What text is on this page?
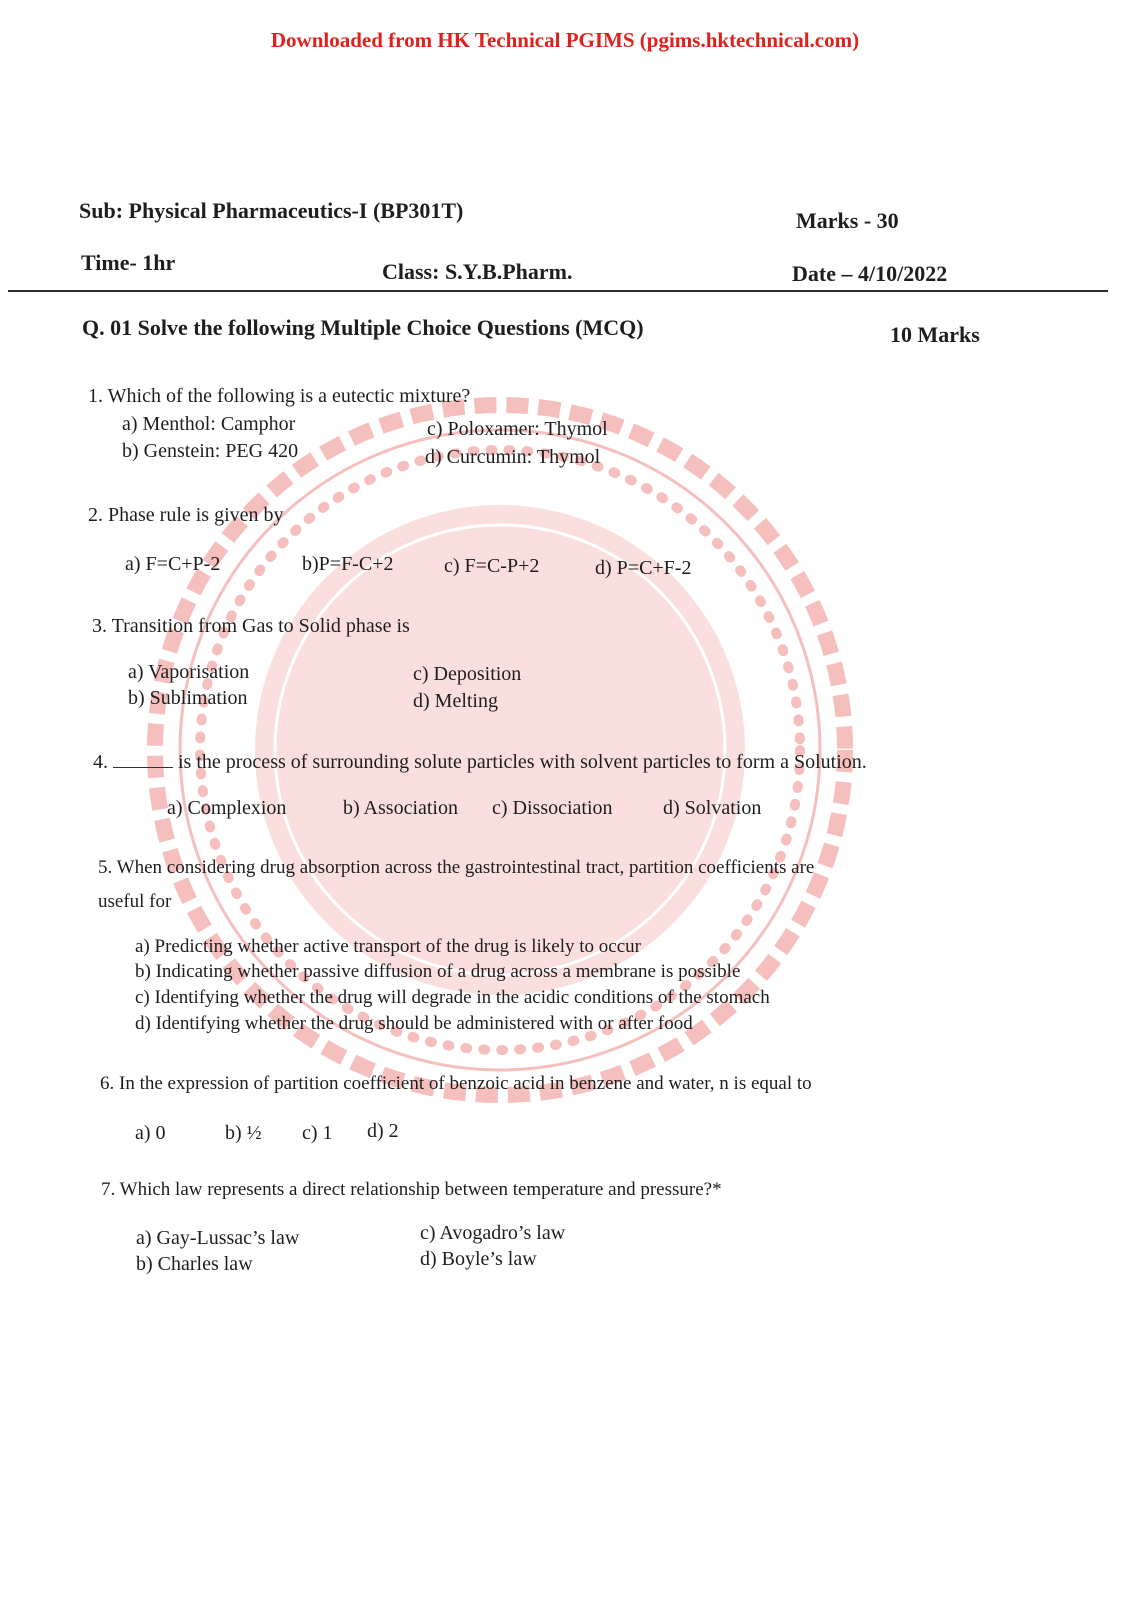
Downloaded from HK Technical PGIMS (pgims.hktechnical.com)
Sub: Physical Pharmaceutics-I (BP301T)	Marks - 30
Time- 1hr	Class: S.Y.B.Pharm.	Date – 4/10/2022
Q. 01 Solve the following Multiple Choice Questions (MCQ)	10 Marks
1. Which of the following is a eutectic mixture?
a) Menthol: Camphor
b) Genstein: PEG 420
c) Poloxamer: Thymol
d) Curcumin: Thymol
2. Phase rule is given by
a) F=C+P-2	b)P=F-C+2	c) F=C-P+2	d) P=C+F-2
3. Transition from Gas to Solid phase is
a) Vaporisation
b) Sublimation
c) Deposition
d) Melting
4.	is the process of surrounding solute particles with solvent particles to form a Solution.
a) Complexion	b) Association c) Dissociation	d) Solvation
5. When considering drug absorption across the gastrointestinal tract, partition coefficients are
useful for
a) Predicting whether active transport of the drug is likely to occur
b) Indicating whether passive diffusion of a drug across a membrane is possible
c) Identifying whether the drug will degrade in the acidic conditions of the stomach
d) Identifying whether the drug should be administered with or after food
6. In the expression of partition coefficient of benzoic acid in benzene and water, n is equal to
a) 0	b) ½ c) 1 d) 2
7. Which law represents a direct relationship between temperature and pressure?*
a) Gay-Lussac’s law
b) Charles law
c) Avogadro’s law
d) Boyle’s law
